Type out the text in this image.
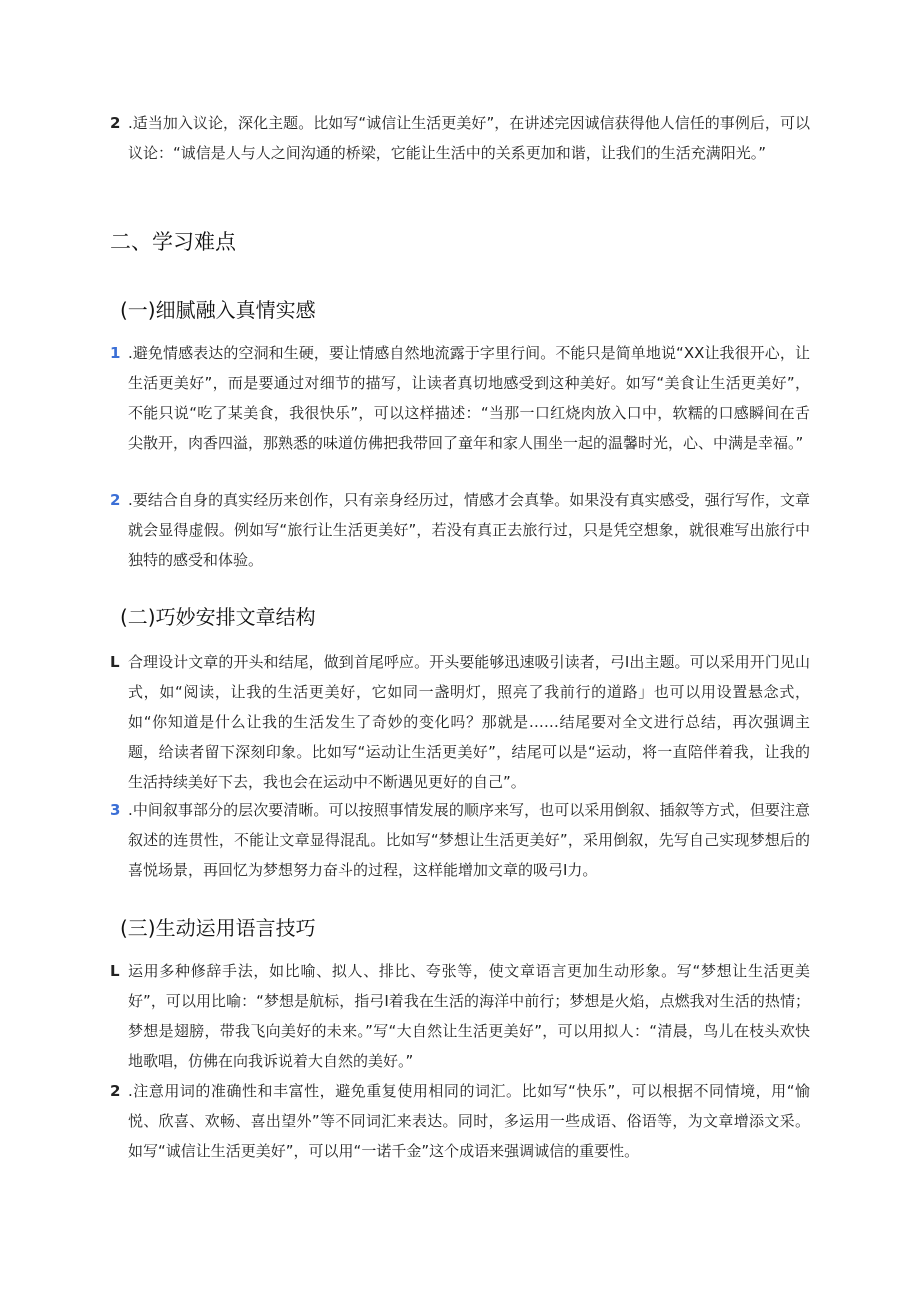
2 .适当加入议论，深化主题。比如写“诚信让生活更美好”，在讲述完因诚信获得他人信任的事例后，可以议论：“诚信是人与人之间沟通的桥梁，它能让生活中的关系更加和谐，让我们的生活充满阳光。”
二、学习难点
(一)细腻融入真情实感
1 .避免情感表达的空洞和生硬，要让情感自然地流露于字里行间。不能只是简单地说“XX让我很开心，让生活更美好”，而是要通过对细节的描写，让读者真切地感受到这种美好。如写“美食让生活更美好”，不能只说“吃了某美食，我很快乐”，可以这样描述：“当那一口红烧肉放入口中，软糯的口感瞬间在舌尖散开，肉香四溢，那熟悉的味道仿佛把我带回了童年和家人围坐一起的温馨时光，心、中满是幸福。”
2 .要结合自身的真实经历来创作，只有亲身经历过，情感才会真挚。如果没有真实感受，强行写作，文章就会显得虚假。例如写“旅行让生活更美好”，若没有真正去旅行过，只是凭空想象，就很难写出旅行中独特的感受和体验。
(二)巧妙安排文章结构
L 合理设计文章的开头和结尾，做到首尾呼应。开头要能够迅速吸引读者，弓I出主题。可以采用开门见山式，如“阅读，让我的生活更美好，它如同一盏明灯，照亮了我前行的道路」也可以用设置悬念式，如“你知道是什么让我的生活发生了奇妙的变化吗？那就是……结尾要对全文进行总结，再次强调主题，给读者留下深刻印象。比如写“运动让生活更美好”，结尾可以是“运动，将一直陪伴着我，让我的生活持续美好下去，我也会在运动中不断遇见更好的自己”。
3 .中间叙事部分的层次要清晰。可以按照事情发展的顺序来写，也可以采用倒叙、插叙等方式，但要注意叙述的连贯性，不能让文章显得混乱。比如写“梦想让生活更美好”，采用倒叙，先写自己实现梦想后的喜悦场景，再回忆为梦想努力奋斗的过程，这样能增加文章的吸弓I力。
(三)生动运用语言技巧
L 运用多种修辞手法，如比喻、拟人、排比、夸张等，使文章语言更加生动形象。写“梦想让生活更美好”，可以用比喻：“梦想是航标，指弓I着我在生活的海洋中前行；梦想是火焰，点燃我对生活的热情；梦想是翅膀，带我飞向美好的未来。”写“大自然让生活更美好”，可以用拟人：“清晨，鸟儿在枝头欢快地歌唱，仿佛在向我诉说着大自然的美好。”
2 .注意用词的准确性和丰富性，避免重复使用相同的词汇。比如写“快乐”，可以根据不同情境，用“愉悦、欣喜、欢畅、喜出望外”等不同词汇来表达。同时，多运用一些成语、俗语等，为文章增添文采。如写“诚信让生活更美好”，可以用“一诺千金”这个成语来强调诚信的重要性。
